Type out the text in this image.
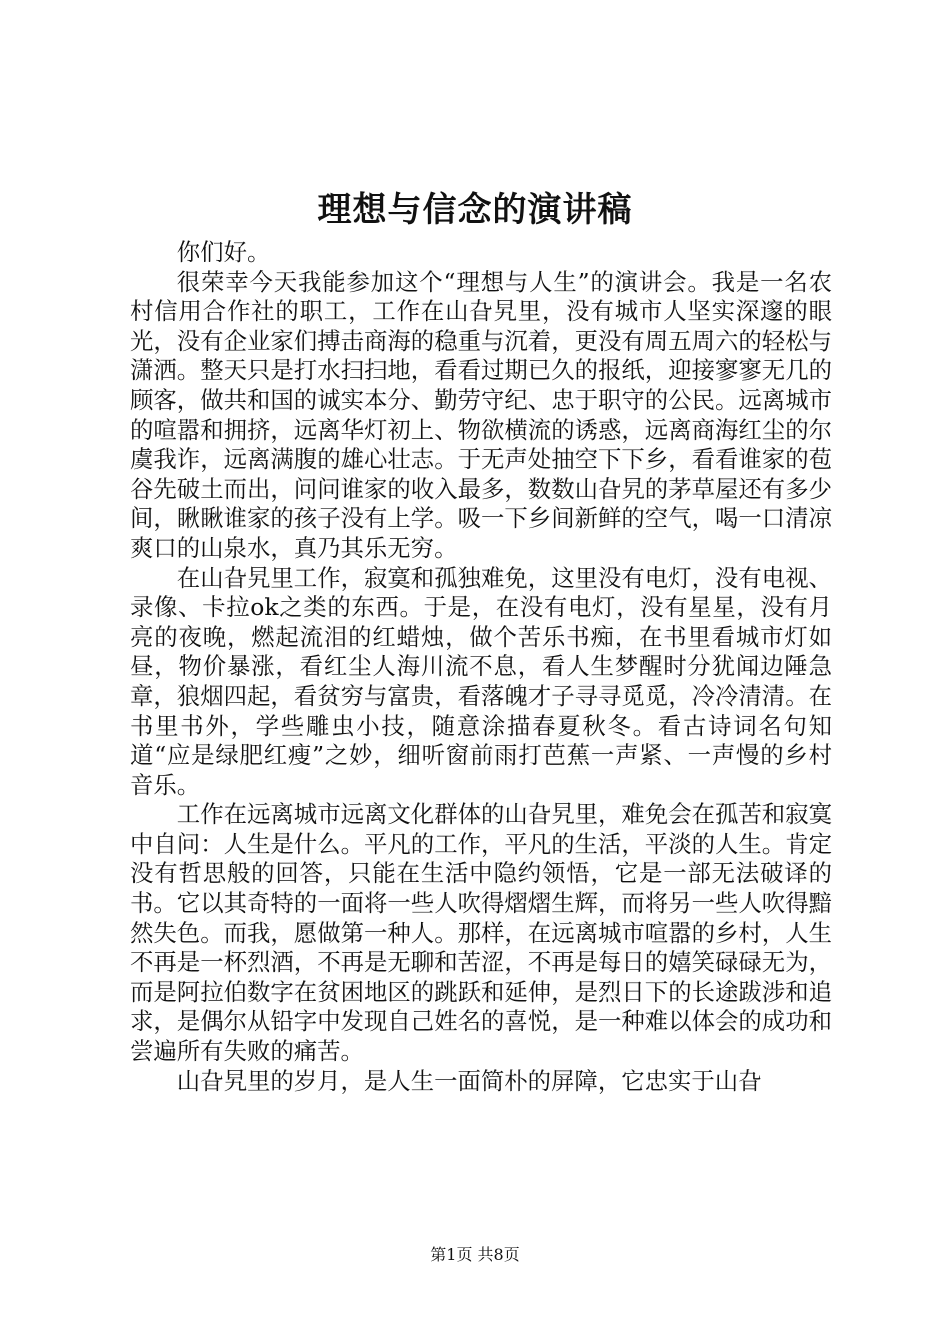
理想与信念的演讲稿

你们好。

很荣幸今天我能参加这个“理想与人生”的演讲会。我是一名农村信用合作社的职工，工作在山旮旯里，没有城市人坚实深邃的眼光，没有企业家们搏击商海的稳重与沉着，更没有周五周六的轻松与潇洒。整天只是打水扫扫地，看看过期已久的报纸，迎接寥寥无几的顾客，做共和国的诚实本分、勤劳守纪、忠于职守的公民。远离城市的喧嚣和拥挤，远离华灯初上、物欲横流的诱惑，远离商海红尘的尔虞我诈，远离满腹的雄心壮志。于无声处抽空下下乡，看看谁家的苞谷先破土而出，问问谁家的收入最多，数数山旮旯的茅草屋还有多少间，瞅瞅谁家的孩子没有上学。吸一下乡间新鲜的空气，喝一口清凉爽口的山泉水，真乃其乐无穷。

在山旮旯里工作，寂寞和孤独难免，这里没有电灯，没有电视、录像、卡拉ok之类的东西。于是，在没有电灯，没有星星，没有月亮的夜晚，燃起流泪的红蜡烛，做个苦乐书痴，在书里看城市灯如昼，物价暴涨，看红尘人海川流不息，看人生梦醒时分犹闻边陲急章，狼烟四起，看贫穷与富贵，看落魄才子寻寻觅觅，冷冷清清。在书里书外，学些雕虫小技，随意涂描春夏秋冬。看古诗词名句知道“应是绿肥红瘦”之妙，细听窗前雨打芭蕉一声紧、一声慢的乡村音乐。

工作在远离城市远离文化群体的山旮旯里，难免会在孤苦和寂寞中自问：人生是什么。平凡的工作，平凡的生活，平淡的人生。肯定没有哲思般的回答，只能在生活中隐约领悟，它是一部无法破译的书。它以其奇特的一面将一些人吹得熠熠生辉，而将另一些人吹得黯然失色。而我，愿做第一种人。那样，在远离城市喧嚣的乡村，人生不再是一杯烈酒，不再是无聊和苦涩，不再是每日的嬉笑碌碌无为，而是阿拉伯数字在贫困地区的跳跃和延伸，是烈日下的长途跋涉和追求，是偶尔从铅字中发现自己姓名的喜悦，是一种难以体会的成功和尝遍所有失败的痛苦。

山旮旯里的岁月，是人生一面简朴的屏障，它忠实于山旮

第1页 共8页
